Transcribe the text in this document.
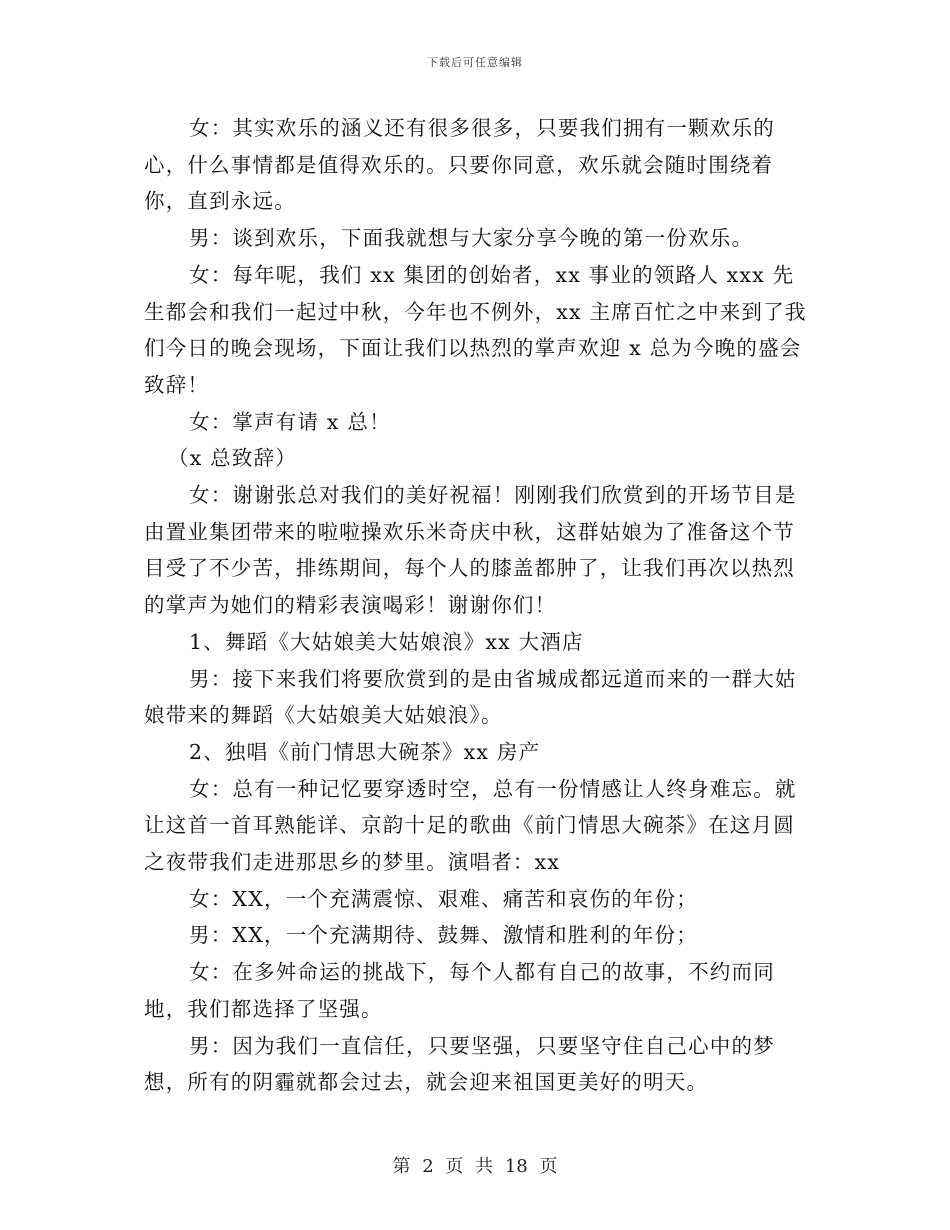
下载后可任意编辑

女：其实欢乐的涵义还有很多很多，只要我们拥有一颗欢乐的心，什么事情都是值得欢乐的。只要你同意，欢乐就会随时围绕着你，直到永远。

男：谈到欢乐，下面我就想与大家分享今晚的第一份欢乐。

女：每年呢，我们 xx 集团的创始者，xx 事业的领路人 xxx 先生都会和我们一起过中秋，今年也不例外，xx 主席百忙之中来到了我们今日的晚会现场，下面让我们以热烈的掌声欢迎 x 总为今晚的盛会致辞！

女：掌声有请 x 总！

（x 总致辞）

女：谢谢张总对我们的美好祝福！刚刚我们欣赏到的开场节目是由置业集团带来的啦啦操欢乐米奇庆中秋，这群姑娘为了准备这个节目受了不少苦，排练期间，每个人的膝盖都肿了，让我们再次以热烈的掌声为她们的精彩表演喝彩！谢谢你们！

1、舞蹈《大姑娘美大姑娘浪》xx 大酒店

男：接下来我们将要欣赏到的是由省城成都远道而来的一群大姑娘带来的舞蹈《大姑娘美大姑娘浪》。

2、独唱《前门情思大碗茶》xx 房产

女：总有一种记忆要穿透时空，总有一份情感让人终身难忘。就让这首一首耳熟能详、京韵十足的歌曲《前门情思大碗茶》在这月圆之夜带我们走进那思乡的梦里。演唱者：xx

女：XX，一个充满震惊、艰难、痛苦和哀伤的年份；

男：XX，一个充满期待、鼓舞、激情和胜利的年份；

女：在多舛命运的挑战下，每个人都有自己的故事，不约而同地，我们都选择了坚强。

男：因为我们一直信任，只要坚强，只要坚守住自己心中的梦想，所有的阴霾就都会过去，就会迎来祖国更美好的明天。

第 2 页 共 18 页
